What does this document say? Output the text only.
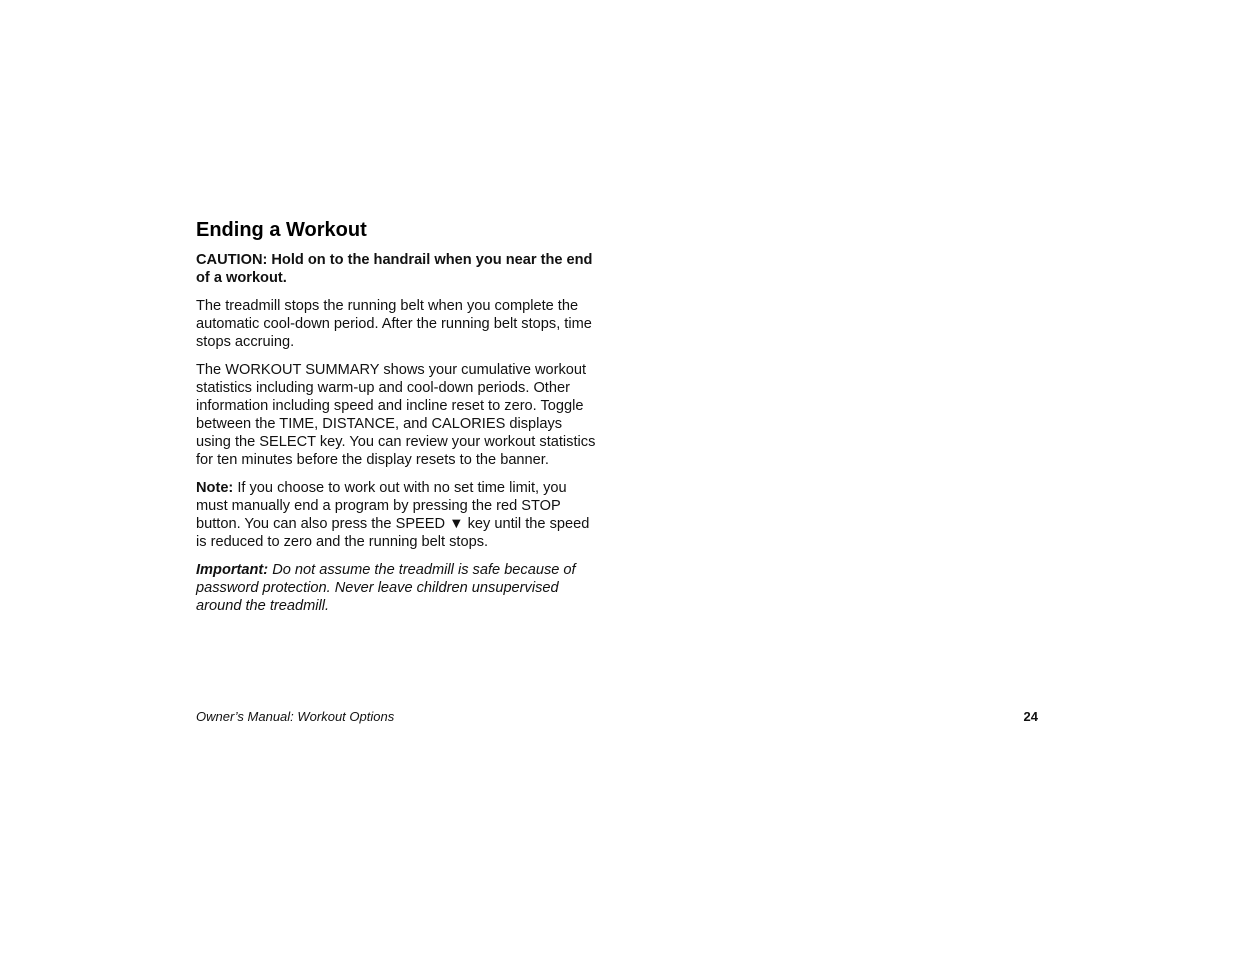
Ending a Workout

CAUTION: Hold on to the handrail when you near the end of a workout.

The treadmill stops the running belt when you complete the automatic cool-down period. After the running belt stops, time stops accruing.

The WORKOUT SUMMARY shows your cumulative workout statistics including warm-up and cool-down periods. Other information including speed and incline reset to zero. Toggle between the TIME, DISTANCE, and CALORIES displays using the SELECT key. You can review your workout statistics for ten minutes before the display resets to the banner.

Note: If you choose to work out with no set time limit, you must manually end a program by pressing the red STOP button. You can also press the SPEED ▼ key until the speed is reduced to zero and the running belt stops.

Important: Do not assume the treadmill is safe because of password protection. Never leave children unsupervised around the treadmill.

Owner’s Manual: Workout Options	24
